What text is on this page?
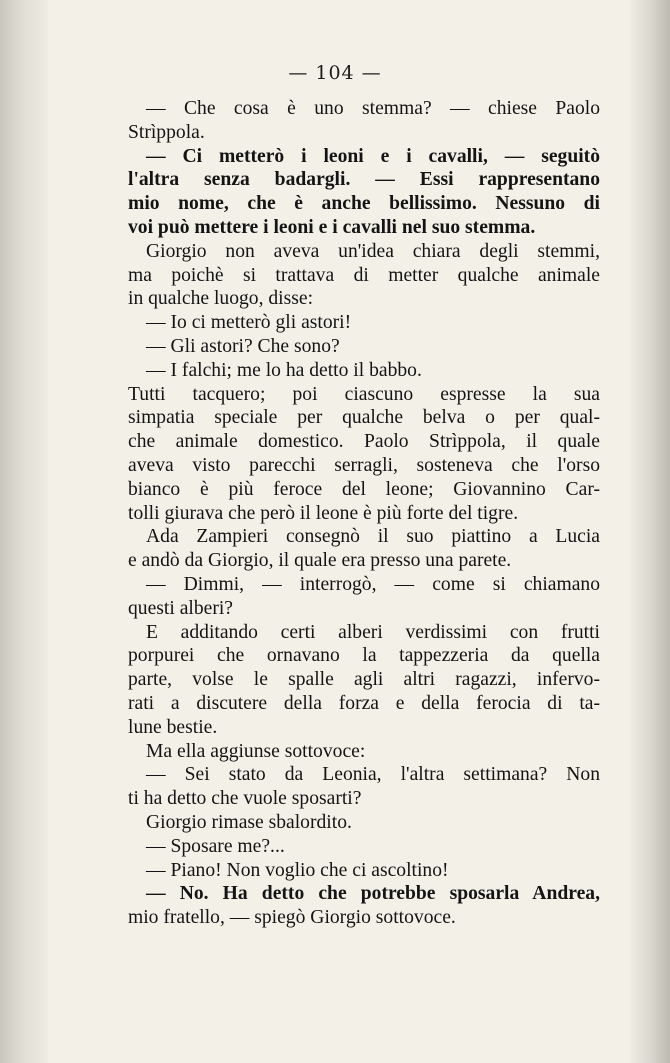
— 104 —
— Che cosa è uno stemma? — chiese Paolo
Strìppola.
— Ci metterò i leoni e i cavalli, — seguitò
l'altra senza badargli. — Essi rappresentano
mio nome, che è anche bellissimo. Nessuno di
voi può mettere i leoni e i cavalli nel suo stemma.
Giorgio non aveva un'idea chiara degli stemmi,
ma poichè si trattava di metter qualche animale
in qualche luogo, disse:
— Io ci metterò gli astori!
— Gli astori? Che sono?
— I falchi; me lo ha detto il babbo.
Tutti tacquero; poi ciascuno espresse la sua
simpatia speciale per qualche belva o per qual-
che animale domestico. Paolo Strìppola, il quale
aveva visto parecchi serragli, sosteneva che l'orso
bianco è più feroce del leone; Giovannino Car-
tolli giurava che però il leone è più forte del tigre.
Ada Zampieri consegnò il suo piattino a Lucia
e andò da Giorgio, il quale era presso una parete.
— Dimmi, — interrogò, — come si chiamano
questi alberi?
E additando certi alberi verdissimi con frutti
porpurei che ornavano la tappezzeria da quella
parte, volse le spalle agli altri ragazzi, infervo-
rati a discutere della forza e della ferocia di ta-
lune bestie.
Ma ella aggiunse sottovoce:
— Sei stato da Leonia, l'altra settimana? Non
ti ha detto che vuole sposarti?
Giorgio rimase sbalordito.
— Sposare me?...
— Piano! Non voglio che ci ascoltino!
— No. Ha detto che potrebbe sposarla Andrea,
mio fratello, — spiegò Giorgio sottovoce.
